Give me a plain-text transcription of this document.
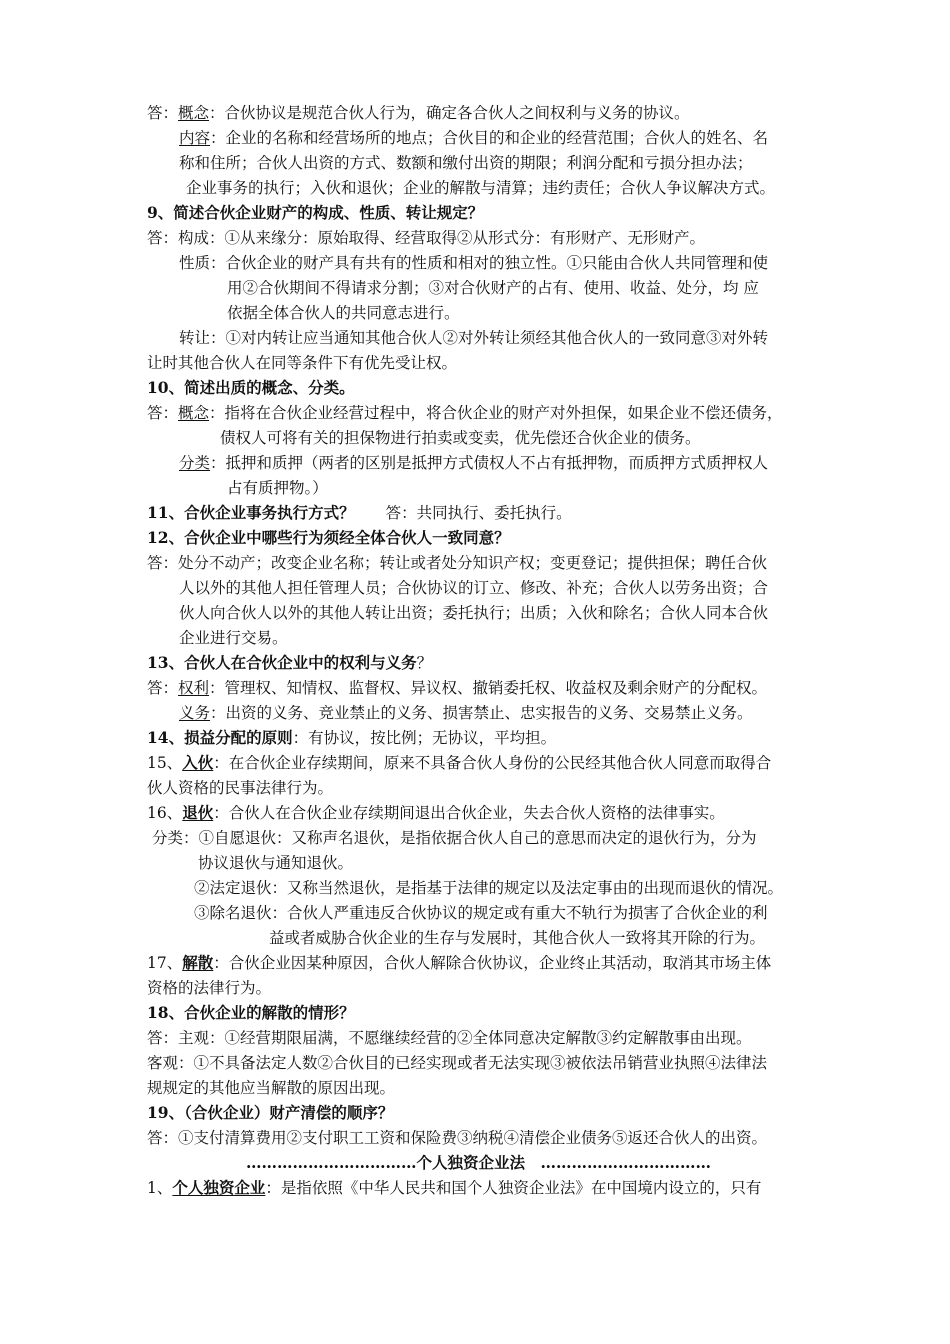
答：概念：合伙协议是规范合伙人行为，确定各合伙人之间权利与义务的协议。
内容：企业的名称和经营场所的地点；合伙目的和企业的经营范围；合伙人的姓名、名
称和住所；合伙人出资的方式、数额和缴付出资的期限；利润分配和亏损分担办法；
企业事务的执行；入伙和退伙；企业的解散与清算；违约责任；合伙人争议解决方式。
9、简述合伙企业财产的构成、性质、转让规定？
答：构成：①从来缘分：原始取得、经营取得②从形式分：有形财产、无形财产。
性质：合伙企业的财产具有共有的性质和相对的独立性。①只能由合伙人共同管理和使
用②合伙期间不得请求分割；③对合伙财产的占有、使用、收益、处分，均 应
依据全体合伙人的共同意志进行。
转让：①对内转让应当通知其他合伙人②对外转让须经其他合伙人的一致同意③对外转
让时其他合伙人在同等条件下有优先受让权。
10、简述出质的概念、分类。
答：概念：指将在合伙企业经营过程中，将合伙企业的财产对外担保，如果企业不偿还债务，
债权人可将有关的担保物进行拍卖或变卖，优先偿还合伙企业的债务。
分类：抵押和质押（两者的区别是抵押方式债权人不占有抵押物，而质押方式质押权人
占有质押物。）
11、合伙企业事务执行方式？　　答：共同执行、委托执行。
12、合伙企业中哪些行为须经全体合伙人一致同意？
答：处分不动产；改变企业名称；转让或者处分知识产权；变更登记；提供担保；聘任合伙
人以外的其他人担任管理人员；合伙协议的订立、修改、补充；合伙人以劳务出资；合
伙人向合伙人以外的其他人转让出资；委托执行；出质；入伙和除名；合伙人同本合伙
企业进行交易。
13、合伙人在合伙企业中的权利与义务？
答：权利：管理权、知情权、监督权、异议权、撤销委托权、收益权及剩余财产的分配权。
义务：出资的义务、竞业禁止的义务、损害禁止、忠实报告的义务、交易禁止义务。
14、损益分配的原则：有协议，按比例；无协议，平均担。
15、入伙：在合伙企业存续期间，原来不具备合伙人身份的公民经其他合伙人同意而取得合
伙人资格的民事法律行为。
16、退伙：合伙人在合伙企业存续期间退出合伙企业，失去合伙人资格的法律事实。
分类：①自愿退伙：又称声名退伙，是指依据合伙人自己的意思而决定的退伙行为，分为
协议退伙与通知退伙。
②法定退伙：又称当然退伙，是指基于法律的规定以及法定事由的出现而退伙的情况。
③除名退伙：合伙人严重违反合伙协议的规定或有重大不轨行为损害了合伙企业的利
益或者威胁合伙企业的生存与发展时，其他合伙人一致将其开除的行为。
17、解散：合伙企业因某种原因，合伙人解除合伙协议，企业终止其活动，取消其市场主体
资格的法律行为。
18、合伙企业的解散的情形？
答：主观：①经营期限届满，不愿继续经营的②全体同意决定解散③约定解散事由出现。
客观：①不具备法定人数②合伙目的已经实现或者无法实现③被依法吊销营业执照④法律法
规规定的其他应当解散的原因出现。
19、（合伙企业）财产清偿的顺序？
答：①支付清算费用②支付职工工资和保险费③纳税④清偿企业债务⑤返还合伙人的出资。
……………………………个人独资企业法　……………………………
1、个人独资企业：是指依照《中华人民共和国个人独资企业法》在中国境内设立的，只有
